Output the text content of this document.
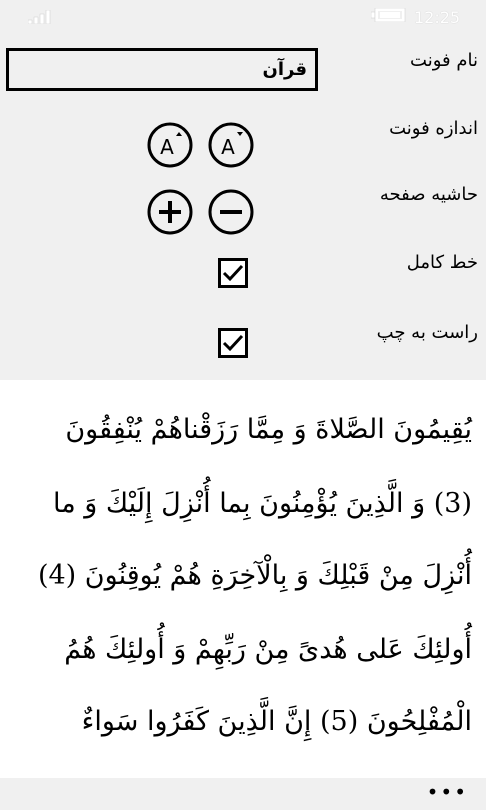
12:25
نام فونت
قرآن
اندازه فونت
A A
حاشیه صفحه
خط کامل
راست به چپ
يُقِيمُونَ الصَّلاةَ وَ مِمَّا رَزَقْناهُمْ يُنْفِقُونَ
(3) وَ الَّذِينَ يُؤْمِنُونَ بِما أُنْزِلَ إِلَيْكَ وَ ما
أُنْزِلَ مِنْ قَبْلِكَ وَ بِالْآخِرَةِ هُمْ يُوقِنُونَ (4)
أُولئِكَ عَلى هُدىً مِنْ رَبِّهِمْ وَ أُولئِكَ هُمُ
الْمُفْلِحُونَ (5) إِنَّ الَّذِينَ كَفَرُوا سَواءٌ
•••
